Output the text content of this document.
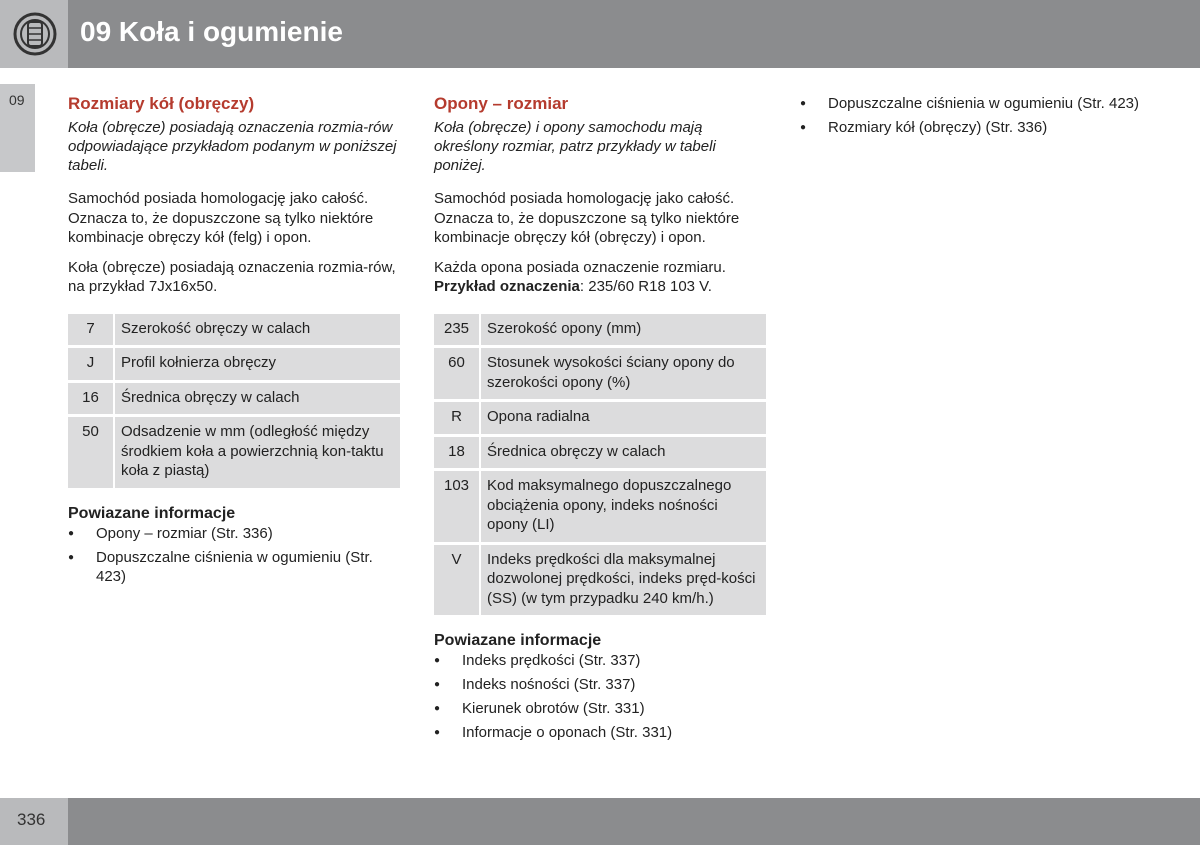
09 Koła i ogumienie
09	Rozmiary kół (obręczy)
Koła (obręcze) posiadają oznaczenia rozmia-rów odpowiadające przykładom podanym w poniższej tabeli.

Samochód posiada homologację jako całość. Oznacza to, że dopuszczone są tylko niektóre kombinacje obręczy kół (felg) i opon.

Koła (obręcze) posiadają oznaczenia rozmia-rów, na przykład 7Jx16x50.

7	Szerokość obręczy w calach
J	Profil kołnierza obręczy
16	Średnica obręczy w calach
50	Odsadzenie w mm (odległość między środkiem koła a powierzchnią kon-taktu koła z piastą)
Powiazane informacje
● Opony – rozmiar (Str. 336)
● Dopuszczalne ciśnienia w ogumieniu (Str. 423)
Opony – rozmiar
Koła (obręcze) i opony samochodu mają określony rozmiar, patrz przykłady w tabeli poniżej.

Samochód posiada homologację jako całość. Oznacza to, że dopuszczone są tylko niektóre kombinacje obręczy kół (obręczy) i opon.

Każda opona posiada oznaczenie rozmiaru.
Przykład oznaczenia: 235/60 R18 103 V.

235	Szerokość opony (mm)
60	Stosunek wysokości ściany opony do szerokości opony (%)
R	Opona radialna
18	Średnica obręczy w calach
103	Kod maksymalnego dopuszczalnego obciążenia opony, indeks nośności opony (LI)
V	Indeks prędkości dla maksymalnej dozwolonej prędkości, indeks pręd-kości (SS) (w tym przypadku 240 km/h.)
Powiazane informacje
● Indeks prędkości (Str. 337)
● Indeks nośności (Str. 337)
● Kierunek obrotów (Str. 331)
● Informacje o oponach (Str. 331)
● Dopuszczalne ciśnienia w ogumieniu (Str. 423)
● Rozmiary kół (obręczy) (Str. 336)
336
